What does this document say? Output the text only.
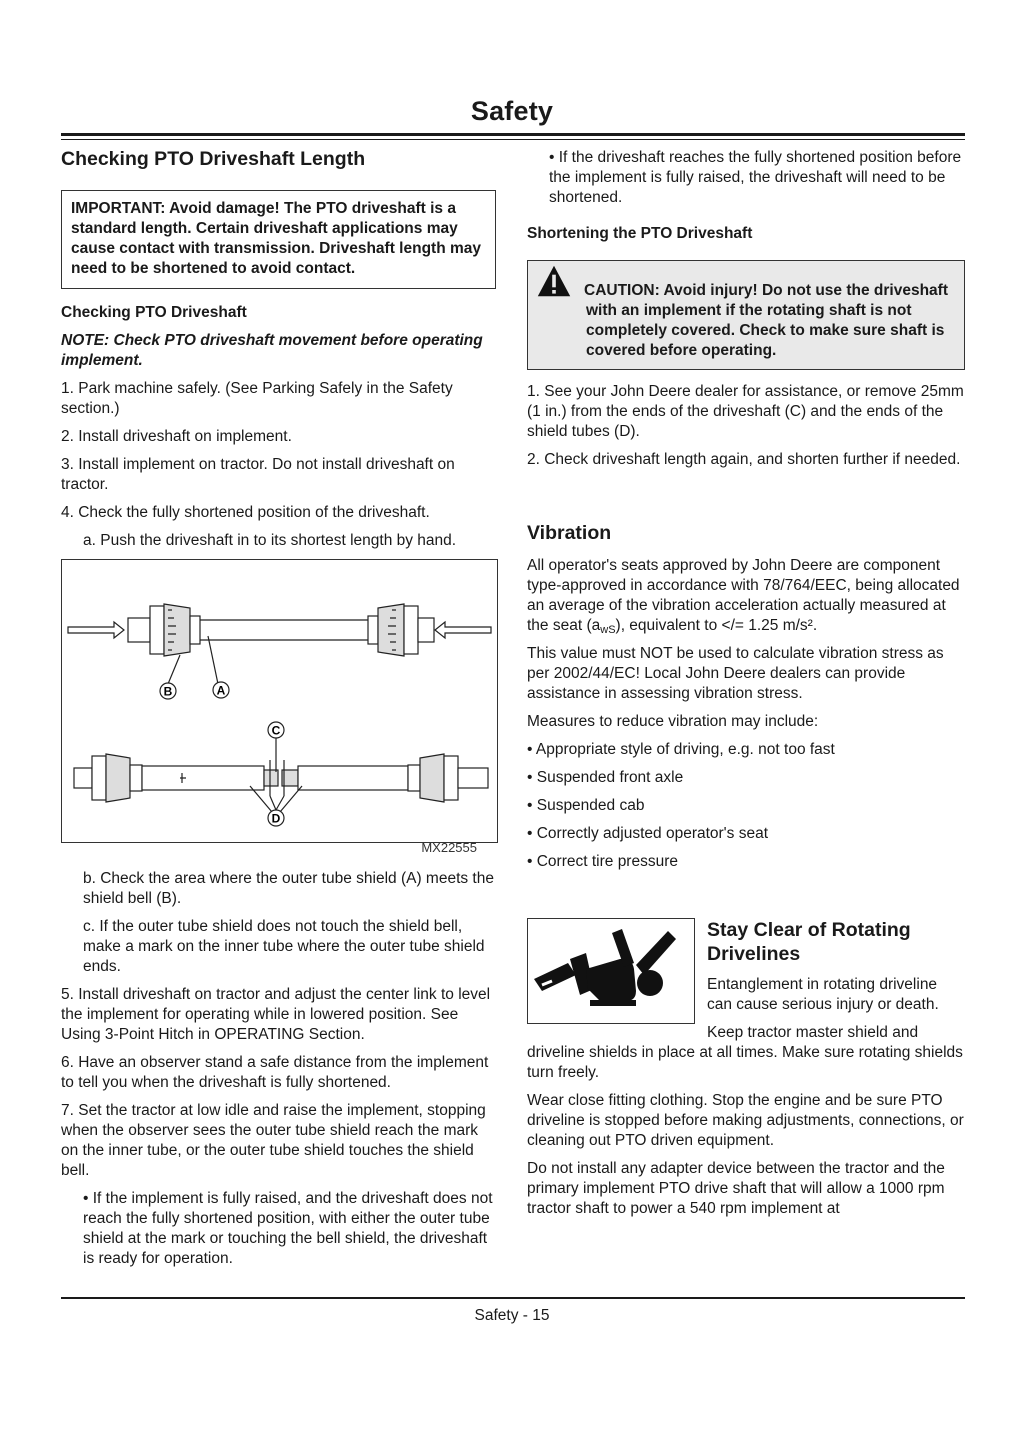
Safety
Checking PTO Driveshaft Length
IMPORTANT: Avoid damage! The PTO driveshaft is a standard length. Certain driveshaft applications may cause contact with transmission. Driveshaft length may need to be shortened to avoid contact.

Checking PTO Driveshaft

NOTE: Check PTO driveshaft movement before operating implement.

1. Park machine safely. (See Parking Safely in the Safety section.)

2. Install driveshaft on implement.

3. Install implement on tractor. Do not install driveshaft on tractor.

4. Check the fully shortened position of the driveshaft.

a. Push the driveshaft in to its shortest length by hand.

B	A
C
D
MX22555

b. Check the area where the outer tube shield (A) meets the shield bell (B).

c. If the outer tube shield does not touch the shield bell, make a mark on the inner tube where the outer tube shield ends.

5. Install driveshaft on tractor and adjust the center link to level the implement for operating while in lowered position. See Using 3-Point Hitch in OPERATING Section.

6. Have an observer stand a safe distance from the implement to tell you when the driveshaft is fully shortened.

7. Set the tractor at low idle and raise the implement, stopping when the observer sees the outer tube shield reach the mark on the inner tube, or the outer tube shield touches the shield bell.

• If the implement is fully raised, and the driveshaft does not reach the fully shortened position, with either the outer tube shield at the mark or touching the bell shield, the driveshaft is ready for operation.

• If the driveshaft reaches the fully shortened position before the implement is fully raised, the driveshaft will need to be shortened.

Shortening the PTO Driveshaft

CAUTION: Avoid injury! Do not use the driveshaft with an implement if the rotating shaft is not completely covered. Check to make sure shaft is covered before operating.

1. See your John Deere dealer for assistance, or remove 25mm (1 in.) from the ends of the driveshaft (C) and the ends of the shield tubes (D).

2. Check driveshaft length again, and shorten further if needed.

Vibration

All operator's seats approved by John Deere are component type-approved in accordance with 78/764/EEC, being allocated an average of the vibration acceleration actually measured at the seat $(a_{wS})$, equivalent to </= 1.25 m/s².

This value must NOT be used to calculate vibration stress as per 2002/44/EC! Local John Deere dealers can provide assistance in assessing vibration stress.

Measures to reduce vibration may include:

• Appropriate style of driving, e.g. not too fast

• Suspended front axle

• Suspended cab

• Correctly adjusted operator's seat

• Correct tire pressure

Stay Clear of Rotating Drivelines

Entanglement in rotating driveline can cause serious injury or death.

Keep tractor master shield and driveline shields in place at all times. Make sure rotating shields turn freely.

Wear close fitting clothing. Stop the engine and be sure PTO driveline is stopped before making adjustments, connections, or cleaning out PTO driven equipment.

Do not install any adapter device between the tractor and the primary implement PTO drive shaft that will allow a 1000 rpm tractor shaft to power a 540 rpm implement at

Safety - 15
